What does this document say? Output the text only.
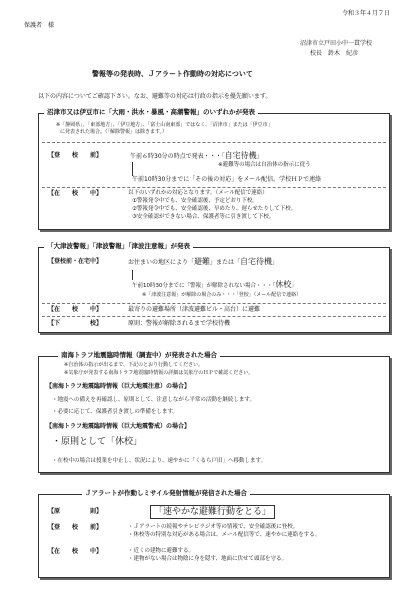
保護者　様
令和３年４月７日
沼津市立戸田小中一貫学校
校長　鈴木　紀彦
警報等の発表時、Ｊアラート作動時の対応について
以下の内容についてご確認下さい。なお、避難等の対応は行政の指示を優先願います。
沼津市又は伊豆市に「大雨・洪水・暴風・高潮警報」のいずれかが発表
※「静岡県」、「東部地方」、「伊豆地方」、「富士山南東部」ではなく、「沼津市」または「伊豆市」
に発表された場合。（「解除警報」は除きます。）
【登　　校　　前】	午前６時30分の時点で発表・・・「自宅待機」
※避難等の場合は自治体の指示に従う
午前10時30分までに「その後の対応」をメール配信。学校ＨＰで連絡
【在　　校　　中】	以下のいずれかの対応となります。（メール配信で連絡）
①警報発令中でも、安全確認後、予定どおり下校。
②警報発令中でも、安全確認後、早めたり、遅らせたりして下校。
③安全確認ができない場合、保護者等に引き渡して下校。
「大津波警報」「津波警報」「津波注意報」が発表
【登校前・在宅中】	お住まいの地区により「避難」または「自宅待機」
午前10時30分までに「警報」が解除されない場合・・・「休校」
※「津波注意報」が解除の場合のみ・・・「登校」（メール配信で連絡）
【在　　校　　中】	最寄りの避難場所（津波避難ビル・高台）に避難
【下　　　　　校】	原則：警報が解除されるまで学校待機
南海トラフ地震臨時情報（調査中）が発表された場合
※自治体の指示が出るまで、下記のとおり行動してください。
※気象庁が発表する南海トラフ地震臨時情報の詳細は気象庁のＨＰで確認ください。
【南海トラフ地震臨時情報（巨大地震注意）の場合】
・地震への備えを再確認し、原則として、注意しながら平常の活動を継続します。
・必要に応じて、保護者引き渡しの準備をします。
【南海トラフ地震臨時情報（巨大地震警戒）の場合】
・原則として「休校」
・在校中の場合は授業を中止し、状況により、速やかに「くるら戸田」へ移動します。
Ｊアラートが作動しミサイル発射情報が発信された場合
【原　　　　　則】	「速やかな避難行動をとる」
【登　　校　　前】	・Ｊアラートの続報やテレビラジオ等の情報で、安全確認後に登校。
・休校等の特別な対応がある場合は、メール配信等で、速やかに連絡をする。
【在　　校　　中】	・近くの建物に避難する。
・建物がない場合は物陰に身を隠す、地面に伏せて頭部を守る。
